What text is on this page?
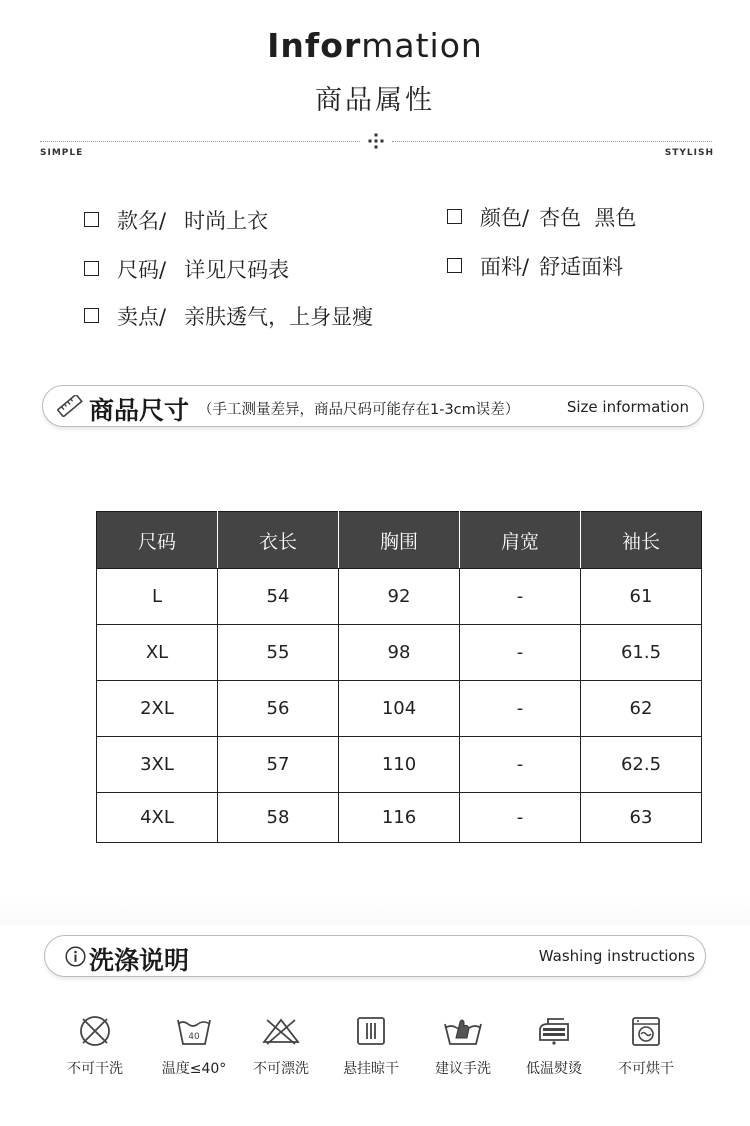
Information
商品属性
SIMPLE	STYLISH
款名/ 时尚上衣
尺码/ 详见尺码表
卖点/ 亲肤透气，上身显瘦
颜色/ 杏色  黑色
面料/ 舒适面料
商品尺寸 （手工测量差异，商品尺码可能存在1-3cm误差）	Size information
尺码	衣长	胸围	肩宽	袖长
L	54	92	-	61
XL	55	98	-	61.5
2XL	56	104	-	62
3XL	57	110	-	62.5
4XL	58	116	-	63
洗涤说明	Washing instructions
不可干洗
40
温度≤40°	不可漂洗	悬挂晾干	建议手洗	低温熨烫	不可烘干
